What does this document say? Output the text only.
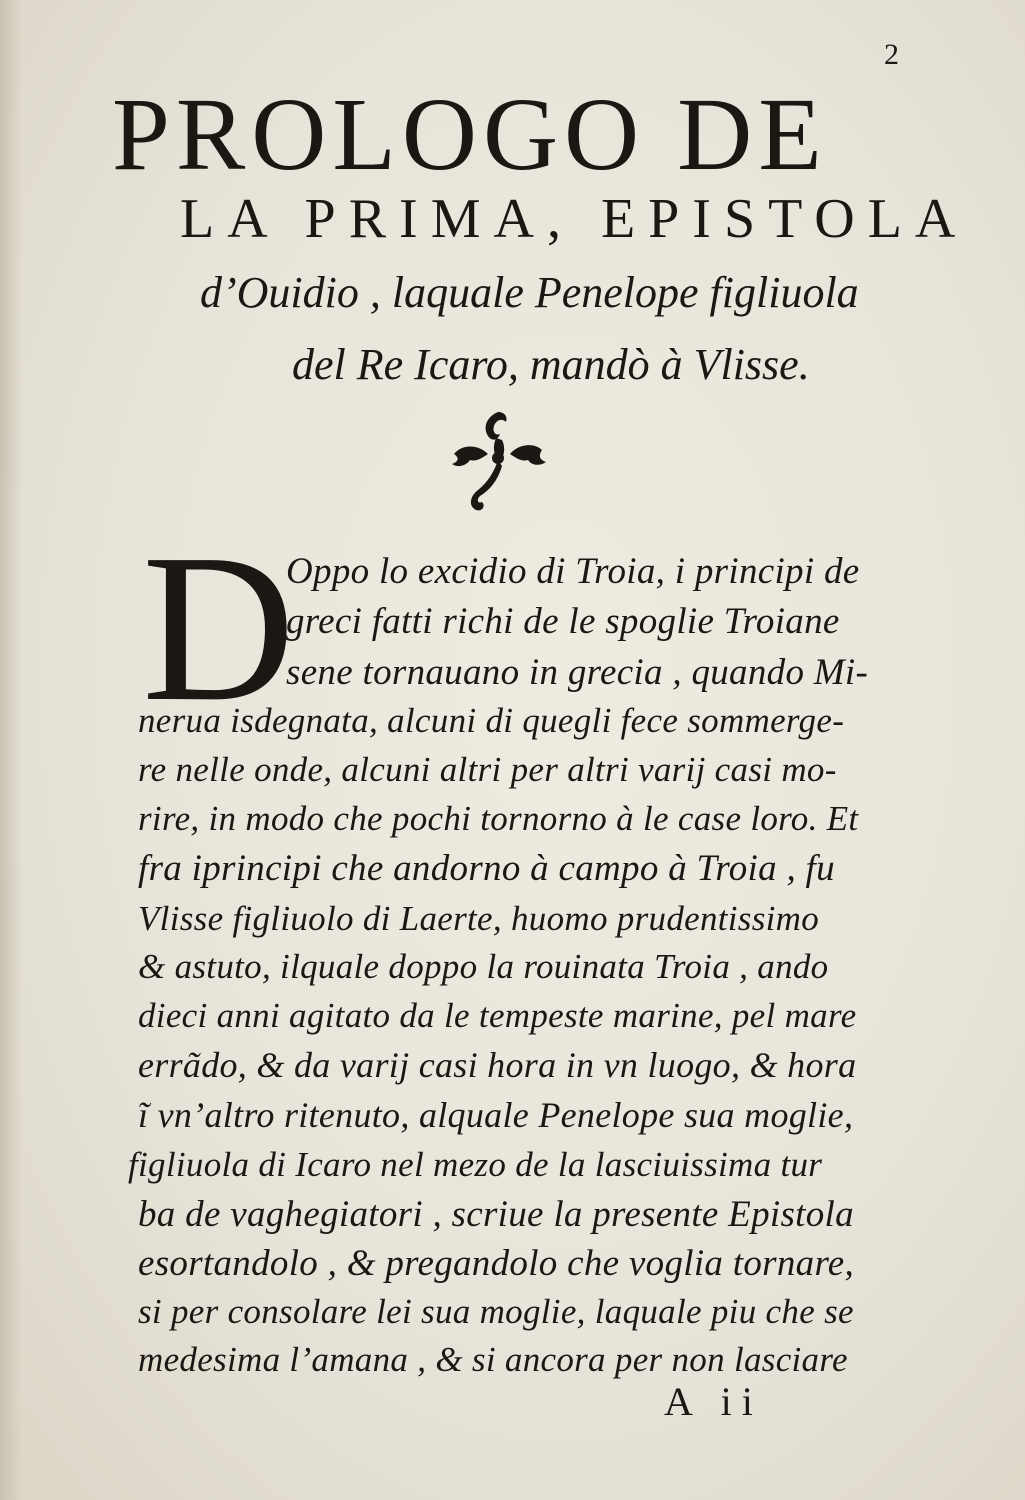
2
PROLOGO DE
LA PRIMA, EPISTOLA
d’Ouidio , laquale Penelope figliuola
del Re Icaro, mandò à Vlisse.
D
Oppo lo excidio di Troia, i principi de
greci fatti richi de le spoglie Troiane
sene tornauano in grecia , quando Mi-
nerua isdegnata, alcuni di quegli fece sommerge-
re nelle onde, alcuni altri per altri varij casi mo-
rire, in modo che pochi tornorno à le case loro. Et
fra iprincipi che andorno à campo à Troia , fu
Vlisse figliuolo di Laerte, huomo prudentissimo
& astuto, ilquale doppo la rouinata Troia , ando
dieci anni agitato da le tempeste marine, pel mare
errãdo, & da varij casi hora in vn luogo, & hora
ĩ vn’altro ritenuto, alquale Penelope sua moglie,
figliuola di Icaro nel mezo de la lasciuissima tur
ba de vaghegiatori , scriue la presente Epistola
esortandolo , & pregandolo che voglia tornare,
si per consolare lei sua moglie, laquale piu che se
medesima l’amana , & si ancora per non lasciare
A ii
